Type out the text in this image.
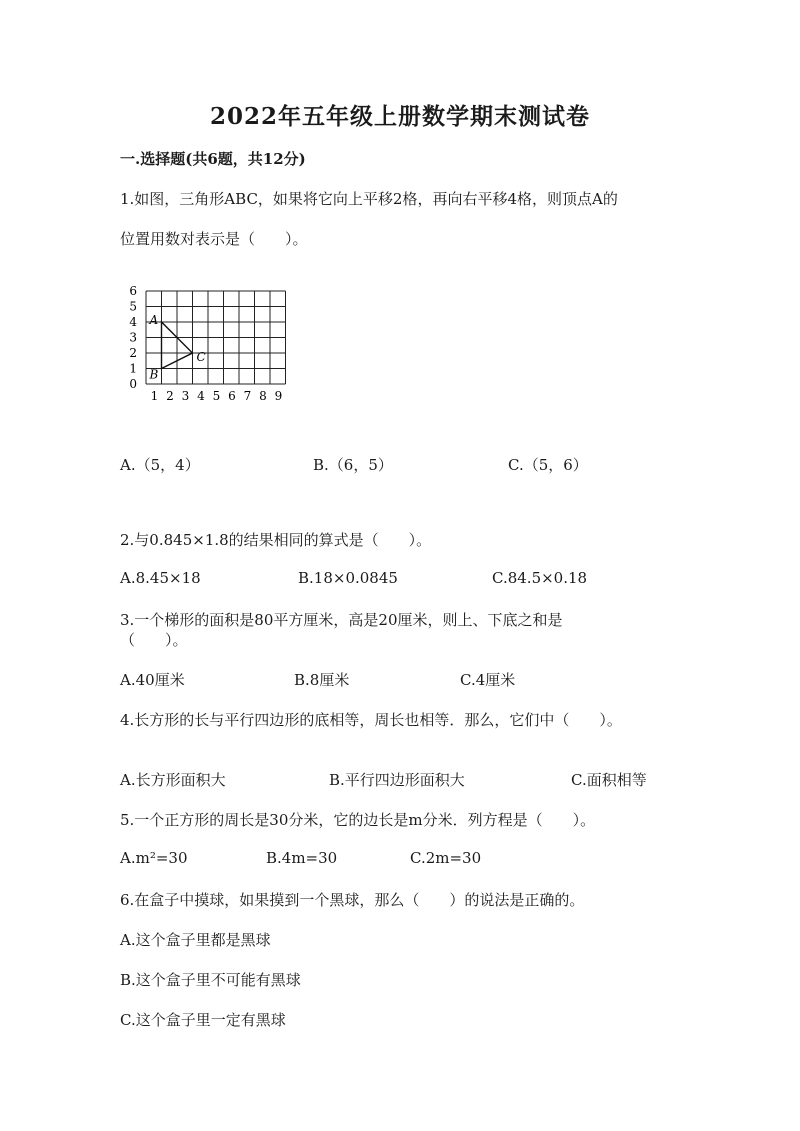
2022年五年级上册数学期末测试卷
一.选择题(共6题，共12分)
1.如图，三角形ABC，如果将它向上平移2格，再向右平移4格，则顶点A的
位置用数对表示是（　　）。
0
1
2
3
4
5
6
1 2 3 4 5 6 7 8 9
A
B
C
A.（5，4）	B.（6，5）	C.（5，6）
2.与0.845×1.8的结果相同的算式是（　　）。
A.8.45×18	B.18×0.0845	C.84.5×0.18
3.一个梯形的面积是80平方厘米，高是20厘米，则上、下底之和是
（　　）。
A.40厘米	B.8厘米	C.4厘米
4.长方形的长与平行四边形的底相等，周长也相等．那么，它们中（　　）。
A.长方形面积大	B.平行四边形面积大	C.面积相等
5.一个正方形的周长是30分米，它的边长是m分米．列方程是（　　）。
A.m²=30	B.4m=30	C.2m=30
6.在盒子中摸球，如果摸到一个黑球，那么（　　）的说法是正确的。
A.这个盒子里都是黑球
B.这个盒子里不可能有黑球
C.这个盒子里一定有黑球
